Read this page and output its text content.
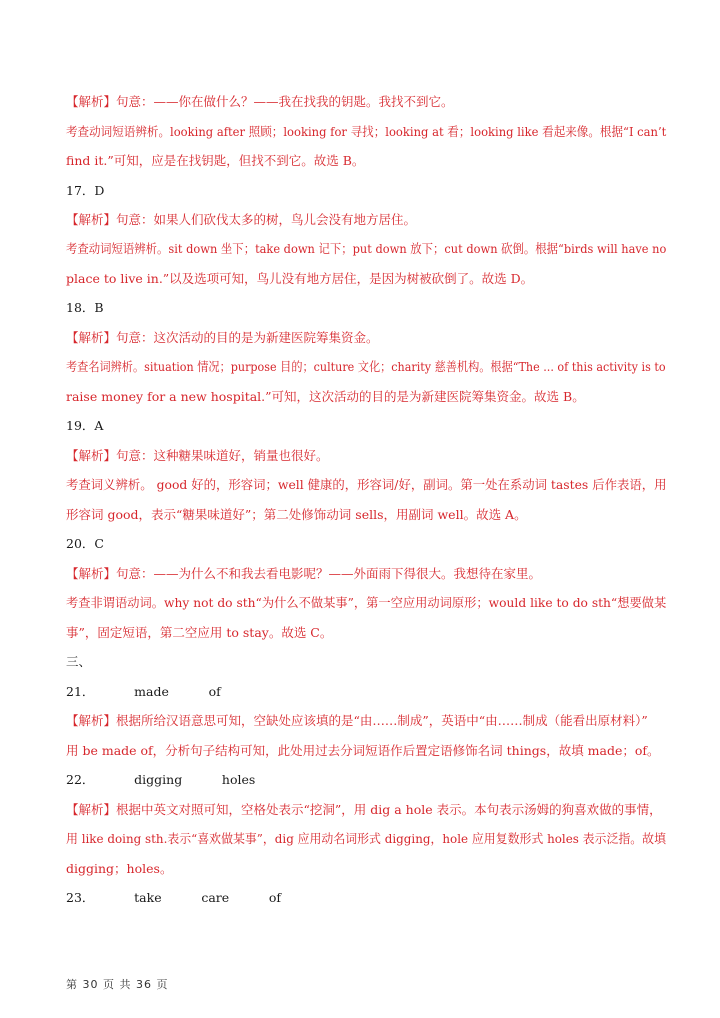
【解析】句意：——你在做什么？——我在找我的钥匙。我找不到它。
考查动词短语辨析。looking after 照顾；looking for 寻找；looking at 看；looking like 看起来像。根据“I can’t
find it.”可知，应是在找钥匙，但找不到它。故选 B。
17．D
【解析】句意：如果人们砍伐太多的树，鸟儿会没有地方居住。
考查动词短语辨析。sit down 坐下；take down 记下；put down 放下；cut down 砍倒。根据“birds will have no
place to live in.”以及选项可知，鸟儿没有地方居住，是因为树被砍倒了。故选 D。
18．B
【解析】句意：这次活动的目的是为新建医院筹集资金。
考查名词辨析。situation 情况；purpose 目的；culture 文化；charity 慈善机构。根据“The ... of this activity is to
raise money for a new hospital.”可知，这次活动的目的是为新建医院筹集资金。故选 B。
19．A
【解析】句意：这种糖果味道好，销量也很好。
考查词义辨析。 good 好的，形容词；well 健康的，形容词/好，副词。第一处在系动词 tastes 后作表语，用
形容词 good，表示“糖果味道好”；第二处修饰动词 sells，用副词 well。故选 A。
20．C
【解析】句意：——为什么不和我去看电影呢？——外面雨下得很大。我想待在家里。
考查非谓语动词。why not do sth“为什么不做某事”，第一空应用动词原形；would like to do sth“想要做某
事”，固定短语，第二空应用 to stay。故选 C。
三、
21．          made          of
【解析】根据所给汉语意思可知，空缺处应该填的是“由……制成”，英语中“由……制成（能看出原材料）”
用 be made of，分析句子结构可知，此处用过去分词短语作后置定语修饰名词 things，故填 made；of。
22．          digging          holes
【解析】根据中英文对照可知，空格处表示“挖洞”，用 dig a hole 表示。本句表示汤姆的狗喜欢做的事情，
用 like doing sth.表示“喜欢做某事”，dig 应用动名词形式 digging，hole 应用复数形式 holes 表示泛指。故填
digging；holes。
23．          take          care          of
第 30 页 共 36 页
